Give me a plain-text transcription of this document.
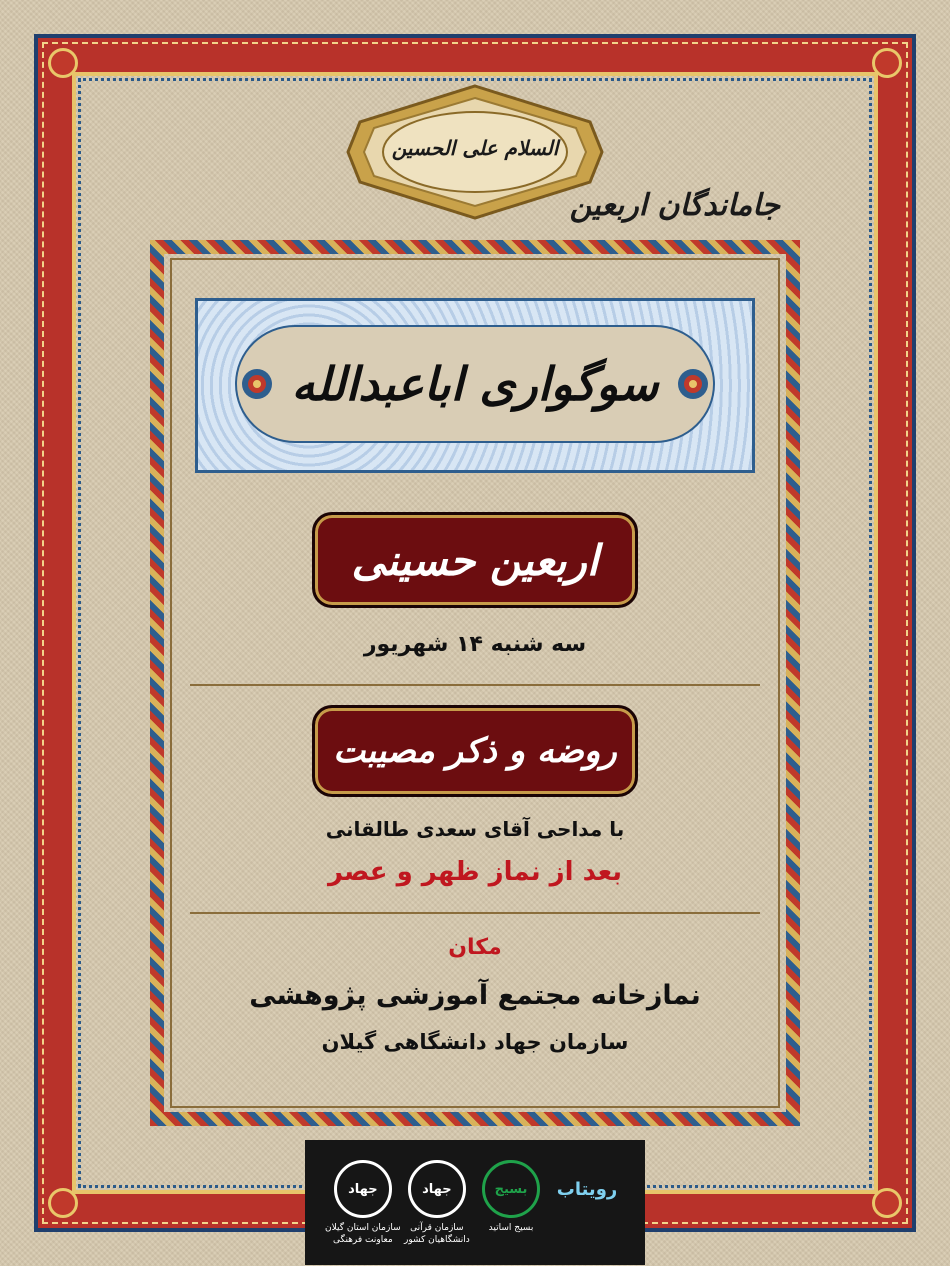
السلام علی الحسین
جاماندگان اربعین
سوگواری اباعبدالله
اربعین حسینی
سه شنبه ۱۴ شهریور
روضه و ذکر مصیبت
با مداحی آقای سعدی طالقانی
بعد از نماز ظهر و عصر
مکان
نمازخانه مجتمع آموزشی پژوهشی
سازمان جهاد دانشگاهی گیلان
جهاد
سازمان استان گیلان
معاونت فرهنگی
جهاد
سازمان قرآنی
دانشگاهیان کشور
بسیج
بسیج اساتید
رویتاب
